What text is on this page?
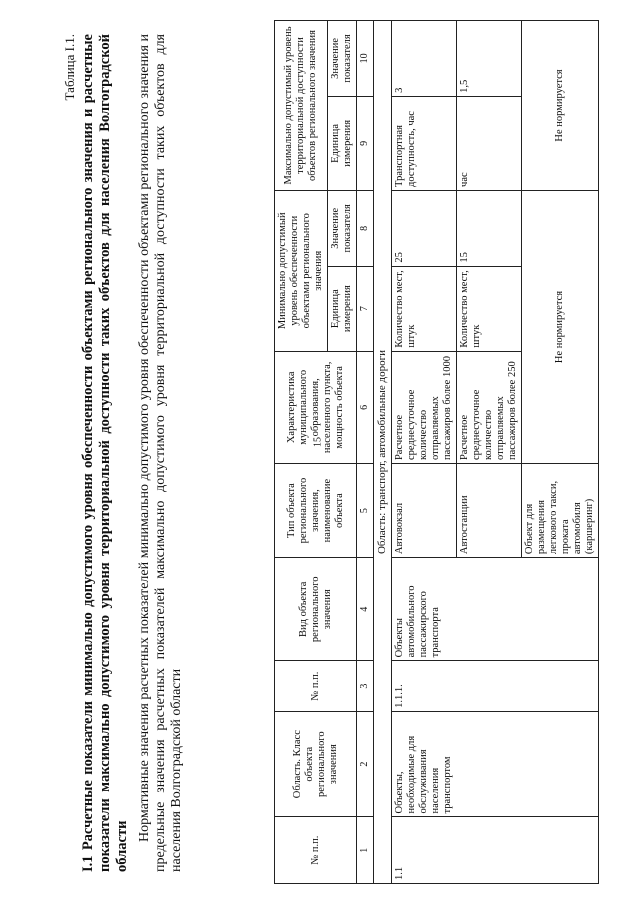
15
Таблица I.1. I.1 Расчетные показатели минимально допустимого уровня обеспеченности объектами регионального значения и расчетные показатели максимально допустимого уровня территориальной доступности таких объектов для населения Волгоградской области

Нормативные значения расчетных показателей минимально допустимого уровня обеспеченности объектами регионального значения и предельные значения расчетных показателей максимально допустимого уровня территориальной доступности таких объектов для населения Волгоградской области	№ п.п.	Область. Класс объекта регионального значения	№ п.п.	Вид объекта регионального значения	Тип объекта регионального значения, наименование объекта	Характеристика муниципального образования, населенного пункта, мощность объекта	Минимально допустимый уровень обеспеченности объектами регионального значения		Максимально допустимый уровень территориальной доступности объектов регионального значения	
						Единица измерения	Значение показателя	Единица измерения	Значение показателя
1	2	3	4	5	6	7	8	9	10
Область: транспорт, автомобильные дороги									
1.1	Объекты, необходимые для обслуживания населения транспортом	1.1.1.	Объекты автомобильного пассажирского транспорта	Автовокзал	Расчетное среднесуточное количество отправляемых пассажиров более 1000	Количество мест, штук	25	Транспортная доступность, час	3
				Автостанции	Расчетное среднесуточное количество отправляемых пассажиров более 250	Количество мест, штук	15	час	1,5
				Объект для размещения легкового такси, проката автомобиля (каршеринг)	Не нормируется			Не нормируется	
